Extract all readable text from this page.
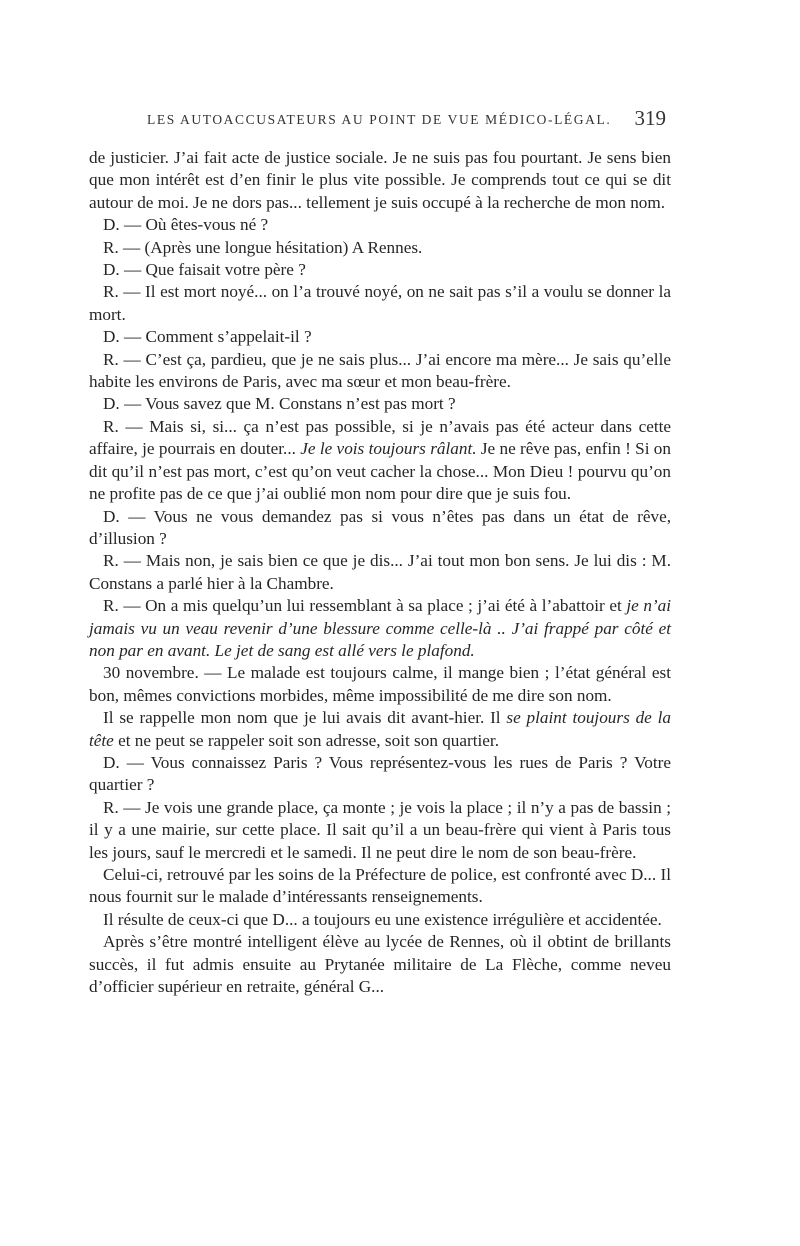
LES AUTOACCUSATEURS AU POINT DE VUE MÉDICO-LÉGAL.	319

de justicier. J’ai fait acte de justice sociale. Je ne suis pas fou pourtant. Je sens bien que mon intérêt est d’en finir le plus vite possible. Je comprends tout ce qui se dit autour de moi. Je ne dors pas... tellement je suis occupé à la recherche de mon nom.

D. — Où êtes-vous né ?

R. — (Après une longue hésitation) A Rennes.

D. — Que faisait votre père ?

R. — Il est mort noyé... on l’a trouvé noyé, on ne sait pas s’il a voulu se donner la mort.

D. — Comment s’appelait-il ?

R. — C’est ça, pardieu, que je ne sais plus... J’ai encore ma mère... Je sais qu’elle habite les environs de Paris, avec ma sœur et mon beau-frère.

D. — Vous savez que M. Constans n’est pas mort ?

R. — Mais si, si... ça n’est pas possible, si je n’avais pas été acteur dans cette affaire, je pourrais en douter... Je le vois toujours râlant. Je ne rêve pas, enfin ! Si on dit qu’il n’est pas mort, c’est qu’on veut cacher la chose... Mon Dieu ! pourvu qu’on ne profite pas de ce que j’ai oublié mon nom pour dire que je suis fou.

D. — Vous ne vous demandez pas si vous n’êtes pas dans un état de rêve, d’illusion ?

R. — Mais non, je sais bien ce que je dis... J’ai tout mon bon sens. Je lui dis : M. Constans a parlé hier à la Chambre.

R. — On a mis quelqu’un lui ressemblant à sa place ; j’ai été à l’abattoir et je n’ai jamais vu un veau revenir d’une blessure comme celle-là .. J’ai frappé par côté et non par en avant. Le jet de sang est allé vers le plafond.

30 novembre. — Le malade est toujours calme, il mange bien ; l’état général est bon, mêmes convictions morbides, même impossibilité de me dire son nom.

Il se rappelle mon nom que je lui avais dit avant-hier. Il se plaint toujours de la tête et ne peut se rappeler soit son adresse, soit son quartier.

D. — Vous connaissez Paris ? Vous représentez-vous les rues de Paris ? Votre quartier ?

R. — Je vois une grande place, ça monte ; je vois la place ; il n’y a pas de bassin ; il y a une mairie, sur cette place. Il sait qu’il a un beau-frère qui vient à Paris tous les jours, sauf le mercredi et le samedi. Il ne peut dire le nom de son beau-frère.

Celui-ci, retrouvé par les soins de la Préfecture de police, est confronté avec D... Il nous fournit sur le malade d’intéressants renseignements.

Il résulte de ceux-ci que D... a toujours eu une existence irrégulière et accidentée.

Après s’être montré intelligent élève au lycée de Rennes, où il obtint de brillants succès, il fut admis ensuite au Prytanée militaire de La Flèche, comme neveu d’officier supérieur en retraite, général G...
